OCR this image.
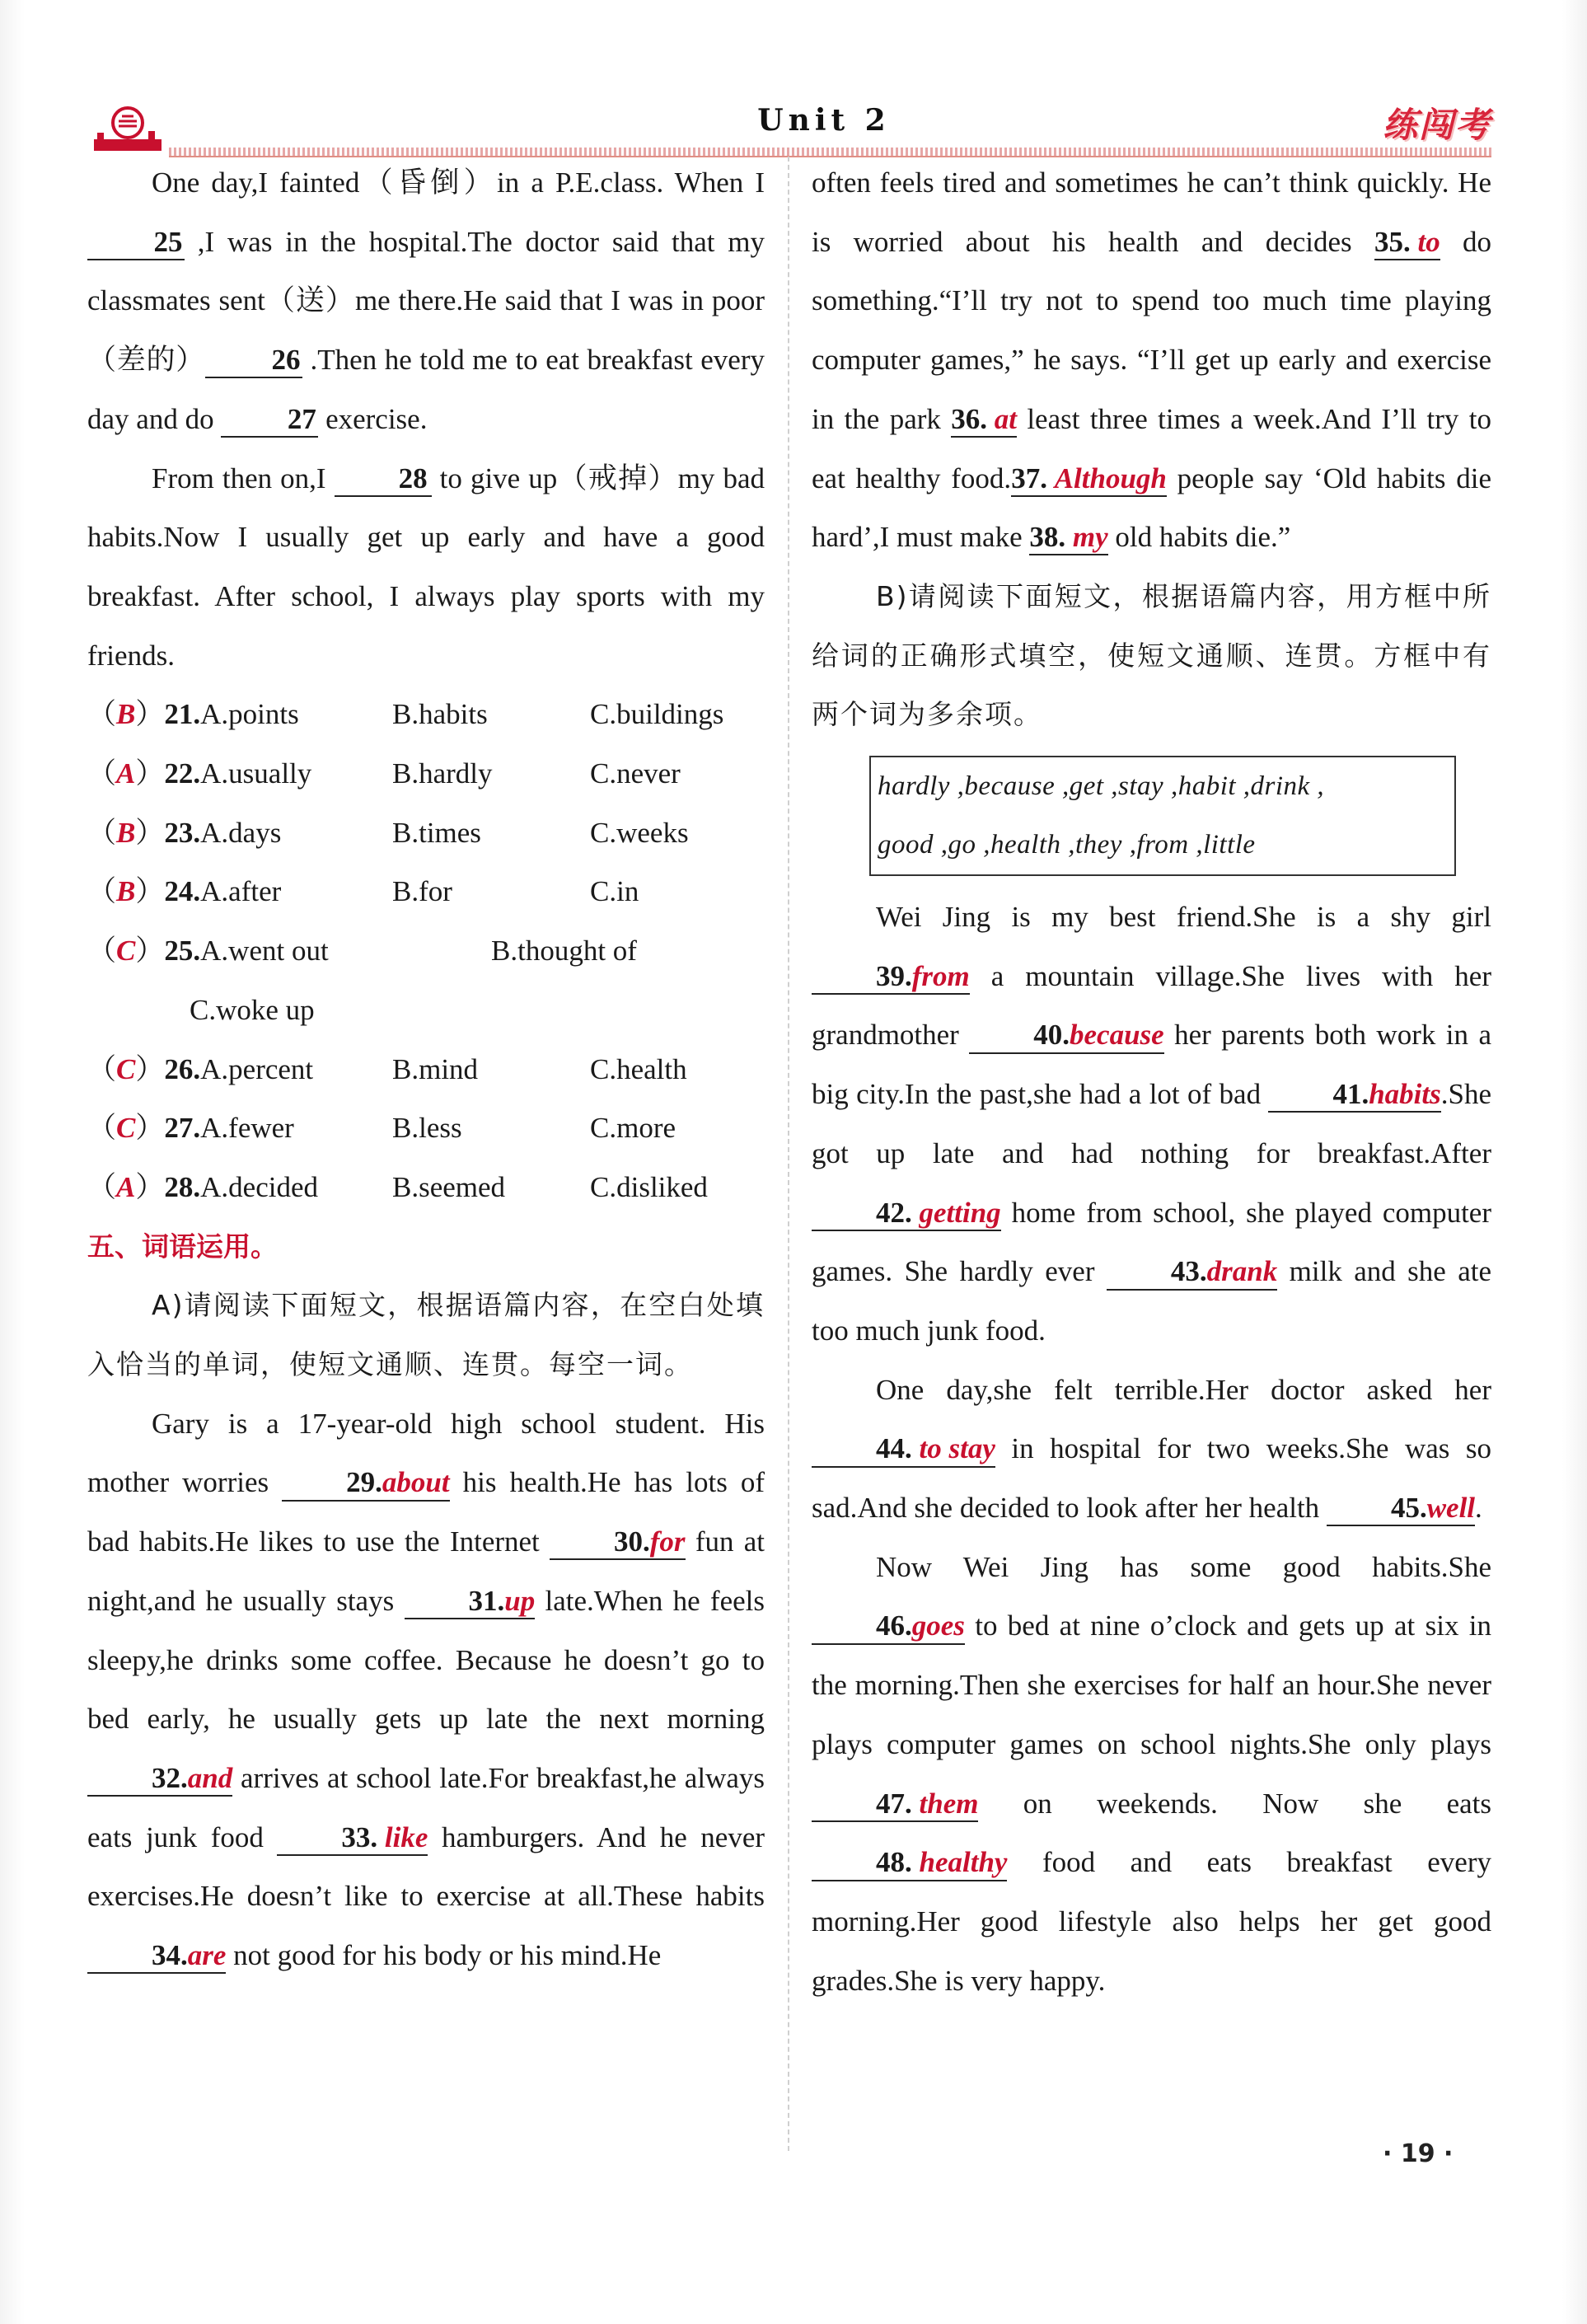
Unit 2	练闯考

One day,I fainted（昏倒）in a P.E.class. When I 25 ,I was in the hospital.The doctor said that my classmates sent（送）me there.He said that I was in poor（差的） 26 .Then he told me to eat breakfast every day and do 27 exercise.

From then on,I 28 to give up（戒掉）my bad habits.Now I usually get up early and have a good breakfast. After school, I always play sports with my friends.

（B）21.A.points	B.habits	C.buildings
（A）22.A.usually	B.hardly	C.never
（B）23.A.days	B.times	C.weeks
（B）24.A.after	B.for	C.in
（C）25.A.went out	B.thought of
C.woke up
（C）26.A.percent	B.mind	C.health
（C）27.A.fewer	B.less	C.more
（A）28.A.decided	B.seemed	C.disliked
五、词语运用。

A)请阅读下面短文，根据语篇内容，在空白处填入恰当的单词，使短文通顺、连贯。每空一词。

Gary is a 17-year-old high school student. His mother worries 29.about his health.He has lots of bad habits.He likes to use the Internet 30.for fun at night,and he usually stays 31.up late.When he feels sleepy,he drinks some coffee. Because he doesn’t go to bed early, he usually gets up late the next morning 32.and arrives at school late.For breakfast,he always eats junk food 33. like hamburgers. And he never exercises.He doesn’t like to exercise at all.These habits 34.are not good for his body or his mind.He

often feels tired and sometimes he can’t think quickly. He is worried about his health and decides 35. to do something.“I’ll try not to spend too much time playing computer games,” he says. “I’ll get up early and exercise in the park 36. at least three times a week.And I’ll try to eat healthy food.37. Although people say ‘Old habits die hard’,I must make 38. my old habits die.”

B)请阅读下面短文，根据语篇内容，用方框中所给词的正确形式填空，使短文通顺、连贯。方框中有两个词为多余项。

hardly ,because ,get ,stay ,habit ,drink ,
good ,go ,health ,they ,from ,little

Wei Jing is my best friend.She is a shy girl 39.from a mountain village.She lives with her grandmother 40.because her parents both work in a big city.In the past,she had a lot of bad 41.habits.She got up late and had nothing for breakfast.After 42. getting home from school, she played computer games. She hardly ever 43.drank milk and she ate too much junk food.

One day,she felt terrible.Her doctor asked her 44. to stay in hospital for two weeks.She was so sad.And she decided to look after her health 45.well.

Now Wei Jing has some good habits.She 46.goes to bed at nine o’clock and gets up at six in the morning.Then she exercises for half an hour.She never plays computer games on school nights.She only plays 47. them on weekends. Now she eats 48. healthy food and eats breakfast every morning.Her good lifestyle also helps her get good grades.She is very happy.

· 19 ·
